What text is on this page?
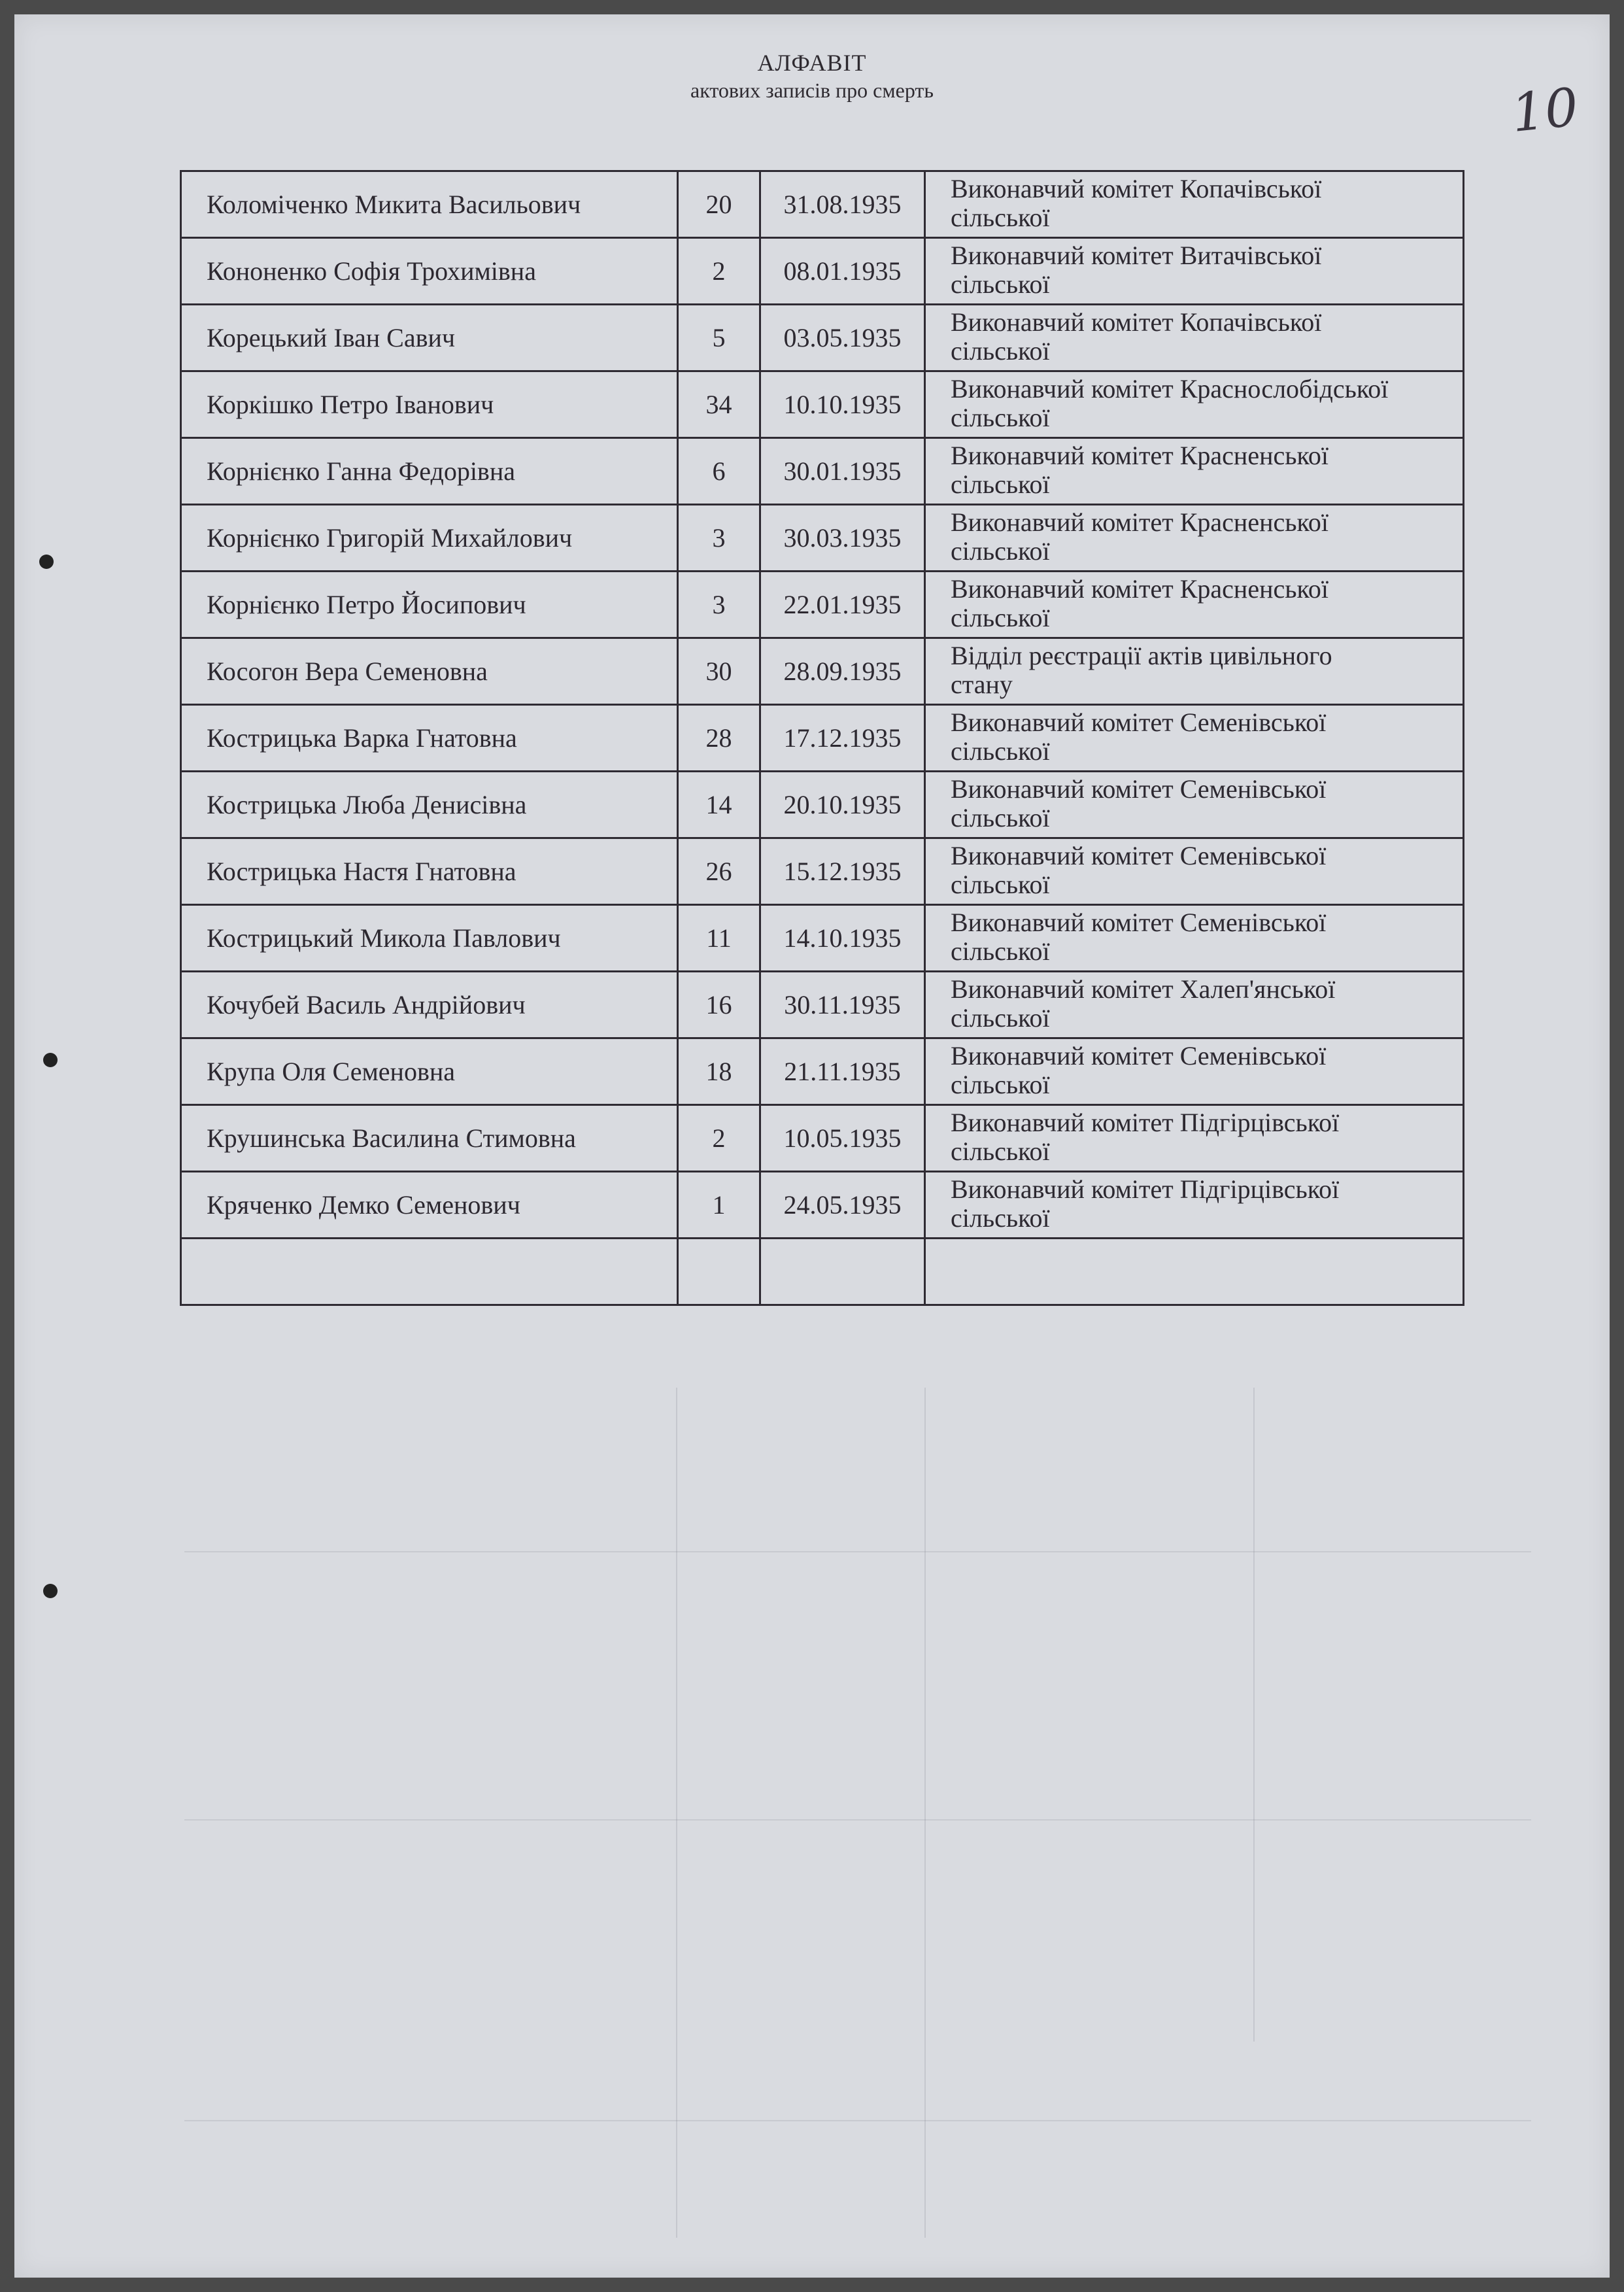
АЛФАВІТ
актових записів про смерть	10
Коломіченко Микита Васильович	20	31.08.1935	Виконавчий комітет Копачівської
сільської

Кононенко Софія Трохимівна	2	08.01.1935	Виконавчий комітет Витачівської
сільської

Корецький Іван Савич	5	03.05.1935	Виконавчий комітет Копачівської
сільської

Коркішко Петро Іванович	34	10.10.1935	Виконавчий комітет Краснослобідської
сільської

Корнієнко Ганна Федорівна	6	30.01.1935	Виконавчий комітет Красненської
сільської

Корнієнко Григорій Михайлович	3	30.03.1935	Виконавчий комітет Красненської
сільської

Корнієнко Петро Йосипович	3	22.01.1935	Виконавчий комітет Красненської
сільської

Косогон Вера Семеновна	30	28.09.1935	Відділ реєстрації актів цивільного
стану

Кострицька Варка Гнатовна	28	17.12.1935	Виконавчий комітет Семенівської
сільської

Кострицька Люба Денисівна	14	20.10.1935	Виконавчий комітет Семенівської
сільської

Кострицька Настя Гнатовна	26	15.12.1935	Виконавчий комітет Семенівської
сільської

Кострицький Микола Павлович	11	14.10.1935	Виконавчий комітет Семенівської
сільської

Кочубей Василь Андрійович	16	30.11.1935	Виконавчий комітет Халеп'янської
сільської

Крупа Оля Семеновна	18	21.11.1935	Виконавчий комітет Семенівської
сільської

Крушинська Василина Стимовна	2	10.05.1935	Виконавчий комітет Підгірцівської
сільської

Кряченко Демко Семенович	1	24.05.1935	Виконавчий комітет Підгірцівської
сільської
